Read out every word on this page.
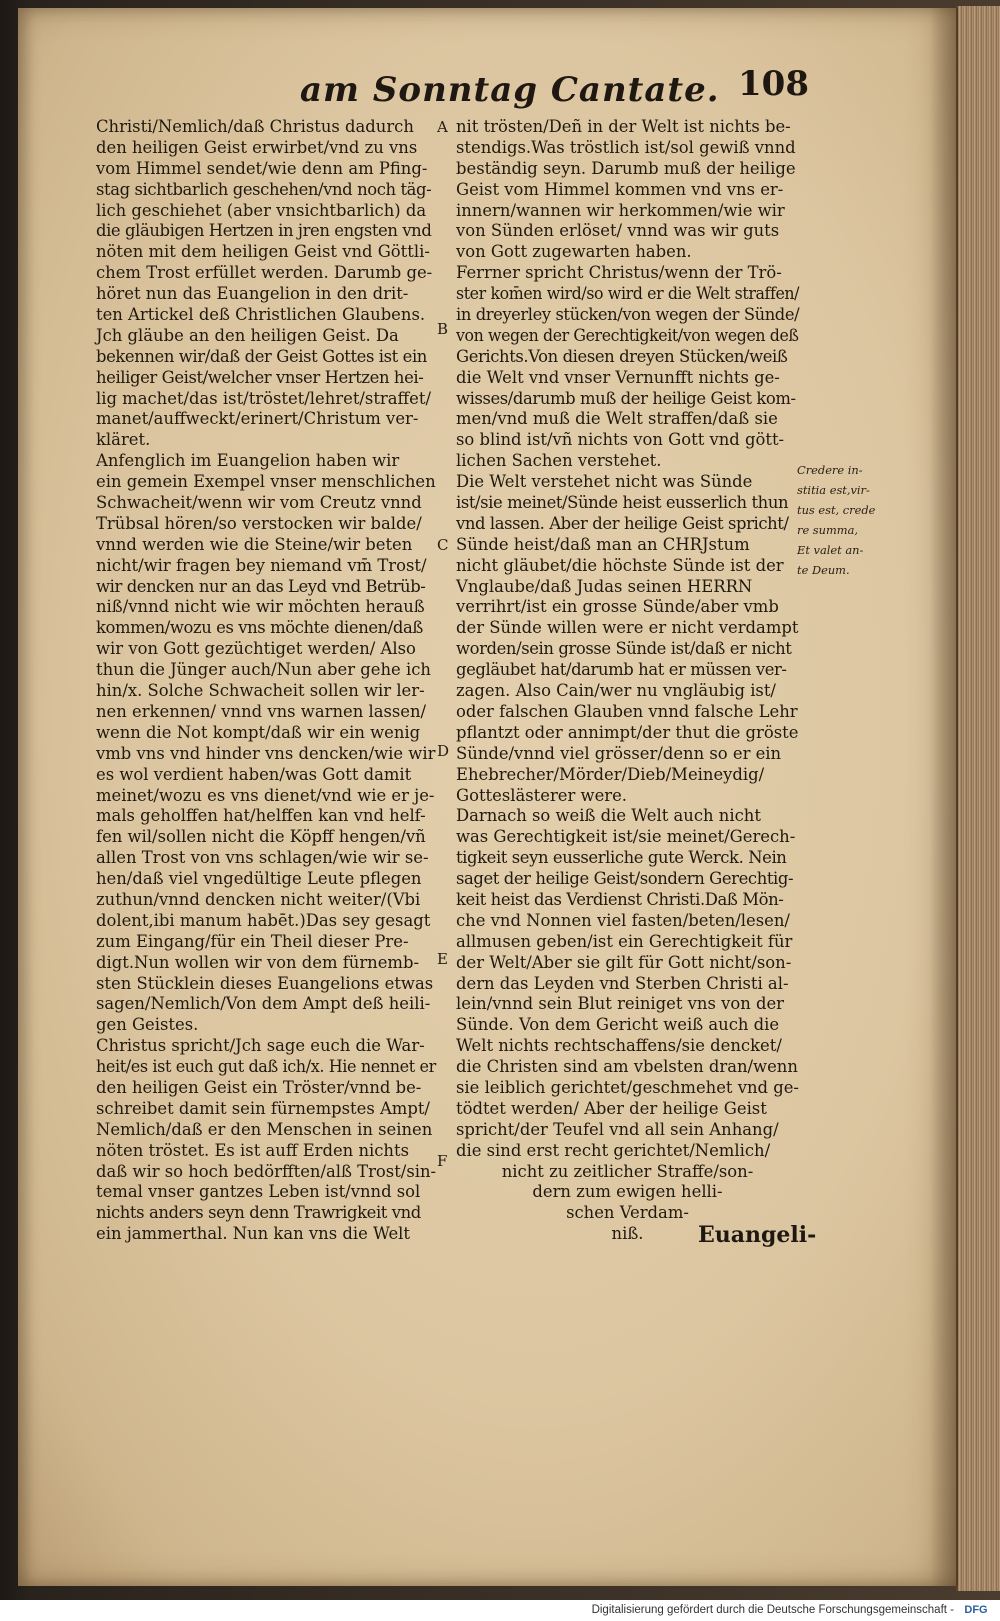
am Sonntag Cantate. 108
Christi/Nemlich/daß Christus dadurch
den heiligen Geist erwirbet/vnd zu vns
vom Himmel sendet/wie denn am Pfing-
stag sichtbarlich geschehen/vnd noch täg-
lich geschiehet (aber vnsichtbarlich) da
die gläubigen Hertzen in jren engsten vnd
nöten mit dem heiligen Geist vnd Göttli-
chem Trost erfüllet werden. Darumb ge-
höret nun das Euangelion in den drit-
ten Artickel deß Christlichen Glaubens.
Jch gläube an den heiligen Geist. Da
bekennen wir/daß der Geist Gottes ist ein
heiliger Geist/welcher vnser Hertzen hei-
lig machet/das ist/tröstet/lehret/straffet/
manet/auffweckt/erinert/Christum ver-
kläret.
Anfenglich im Euangelion haben wir
ein gemein Exempel vnser menschlichen
Schwacheit/wenn wir vom Creutz vnnd
Trübsal hören/so verstocken wir balde/
vnnd werden wie die Steine/wir beten
nicht/wir fragen bey niemand vm̄ Trost/
wir dencken nur an das Leyd vnd Betrüb-
niß/vnnd nicht wie wir möchten herauß
kommen/wozu es vns möchte dienen/daß
wir von Gott gezüchtiget werden/ Also
thun die Jünger auch/Nun aber gehe ich
hin/x. Solche Schwacheit sollen wir ler-
nen erkennen/ vnnd vns warnen lassen/
wenn die Not kompt/daß wir ein wenig
vmb vns vnd hinder vns dencken/wie wir
es wol verdient haben/was Gott damit
meinet/wozu es vns dienet/vnd wie er je-
mals geholffen hat/helffen kan vnd helf-
fen wil/sollen nicht die Köpff hengen/vñ
allen Trost von vns schlagen/wie wir se-
hen/daß viel vngedültige Leute pflegen
zuthun/vnnd dencken nicht weiter/(Vbi
dolent,ibi manum habēt.)Das sey gesagt
zum Eingang/für ein Theil dieser Pre-
digt.Nun wollen wir von dem fürnemb-
sten Stücklein dieses Euangelions etwas
sagen/Nemlich/Von dem Ampt deß heili-
gen Geistes.
Christus spricht/Jch sage euch die War-
heit/es ist euch gut daß ich/x. Hie nennet er
den heiligen Geist ein Tröster/vnnd be-
schreibet damit sein fürnempstes Ampt/
Nemlich/daß er den Menschen in seinen
nöten tröstet. Es ist auff Erden nichts
daß wir so hoch bedörfften/alß Trost/sin-
temal vnser gantzes Leben ist/vnnd sol
nichts anders seyn denn Trawrigkeit vnd
ein jammerthal. Nun kan vns die Welt
nit trösten/Deñ in der Welt ist nichts be-
stendigs.Was tröstlich ist/sol gewiß vnnd
beständig seyn. Darumb muß der heilige
Geist vom Himmel kommen vnd vns er-
innern/wannen wir herkommen/wie wir
von Sünden erlöset/ vnnd was wir guts
von Gott zugewarten haben.
Ferrner spricht Christus/wenn der Trö-
ster kom̄en wird/so wird er die Welt straffen/
in dreyerley stücken/von wegen der Sünde/
von wegen der Gerechtigkeit/von wegen deß
Gerichts.Von diesen dreyen Stücken/weiß
die Welt vnd vnser Vernunfft nichts ge-
wisses/darumb muß der heilige Geist kom-
men/vnd muß die Welt straffen/daß sie
so blind ist/vñ nichts von Gott vnd gött-
lichen Sachen verstehet.
Die Welt verstehet nicht was Sünde
ist/sie meinet/Sünde heist eusserlich thun
vnd lassen. Aber der heilige Geist spricht/
Sünde heist/daß man an CHRJstum
nicht gläubet/die höchste Sünde ist der
Vnglaube/daß Judas seinen HERRN
verrihrt/ist ein grosse Sünde/aber vmb
der Sünde willen were er nicht verdampt
worden/sein grosse Sünde ist/daß er nicht
gegläubet hat/darumb hat er müssen ver-
zagen. Also Cain/wer nu vngläubig ist/
oder falschen Glauben vnnd falsche Lehr
pflantzt oder annimpt/der thut die gröste
Sünde/vnnd viel grösser/denn so er ein
Ehebrecher/Mörder/Dieb/Meineydig/
Gotteslästerer were.
Darnach so weiß die Welt auch nicht
was Gerechtigkeit ist/sie meinet/Gerech-
tigkeit seyn eusserliche gute Werck. Nein
saget der heilige Geist/sondern Gerechtig-
keit heist das Verdienst Christi.Daß Mön-
che vnd Nonnen viel fasten/beten/lesen/
allmusen geben/ist ein Gerechtigkeit für
der Welt/Aber sie gilt für Gott nicht/son-
dern das Leyden vnd Sterben Christi al-
lein/vnnd sein Blut reiniget vns von der
Sünde. Von dem Gericht weiß auch die
Welt nichts rechtschaffens/sie dencket/
die Christen sind am vbelsten dran/wenn
sie leiblich gerichtet/geschmehet vnd ge-
tödtet werden/ Aber der heilige Geist
spricht/der Teufel vnd all sein Anhang/
die sind erst recht gerichtet/Nemlich/
nicht zu zeitlicher Straffe/son-
dern zum ewigen helli-
schen Verdam-
niß.
A
B
C
D
E
F
Credere in-
stitia est,vir-
tus est, crede
re summa,
Et valet an-
te Deum.
Euangeli-
Digitalisierung gefördert durch die Deutsche Forschungsgemeinschaft - DFG
